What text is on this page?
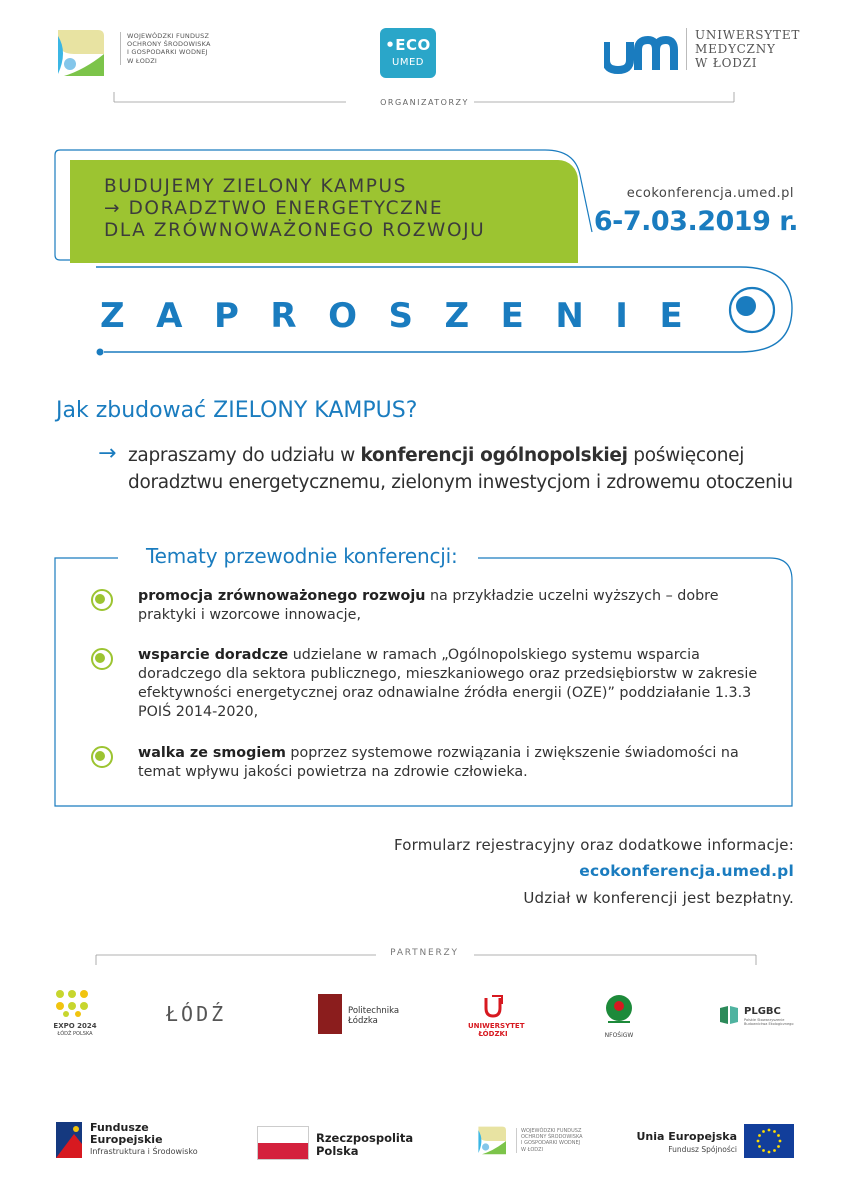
WOJEWÓDZKI FUNDUSZ
OCHRONY ŚRODOWISKA
I GOSPODARKI WODNEJ
W ŁODZI
•ECO
UMED
UNIWERSYTET
MEDYCZNY
W ŁODZI
ORGANIZATORZY
BUDUJEMY ZIELONY KAMPUS
→ DORADZTWO ENERGETYCZNE
DLA ZRÓWNOWAŻONEGO ROZWOJU
ecokonferencja.umed.pl
6-7.03.2019 r.
ZAPROSZENIE
Jak zbudować ZIELONY KAMPUS?
→ zapraszamy do udziału w konferencji ogólnopolskiej poświęconej doradztwu energetycznemu, zielonym inwestycjom i zdrowemu otoczeniu
Tematy przewodnie konferencji:
promocja zrównoważonego rozwoju na przykładzie uczelni wyższych – dobre praktyki i wzorcowe innowacje,
wsparcie doradcze udzielane w ramach „Ogólnopolskiego systemu wsparcia doradczego dla sektora publicznego, mieszkaniowego oraz przedsiębiorstw w zakresie efektywności energetycznej oraz odnawialne źródła energii (OZE)” poddziałanie 1.3.3 POIŚ 2014-2020,
walka ze smogiem poprzez systemowe rozwiązania i zwiększenie świadomości na temat wpływu jakości powietrza na zdrowie człowieka.
Formularz rejestracyjny oraz dodatkowe informacje:
ecokonferencja.umed.pl
Udział w konferencji jest bezpłatny.
PARTNERZY
EXPO 2024
ŁÓDŹ POLSKA
ŁÓDŹ	Politechnika
Łódzka	UNIWERSYTET
ŁÓDZKI	NFOŚiGW
PLGBC
Polskie Stowarzyszenie Budownictwa Ekologicznego
Fundusze
Europejskie
Infrastruktura i Środowisko
Rzeczpospolita
Polska
WOJEWÓDZKI FUNDUSZ
OCHRONY ŚRODOWISKA
I GOSPODARKI WODNEJ
W ŁODZI
Unia Europejska
Fundusz Spójności
